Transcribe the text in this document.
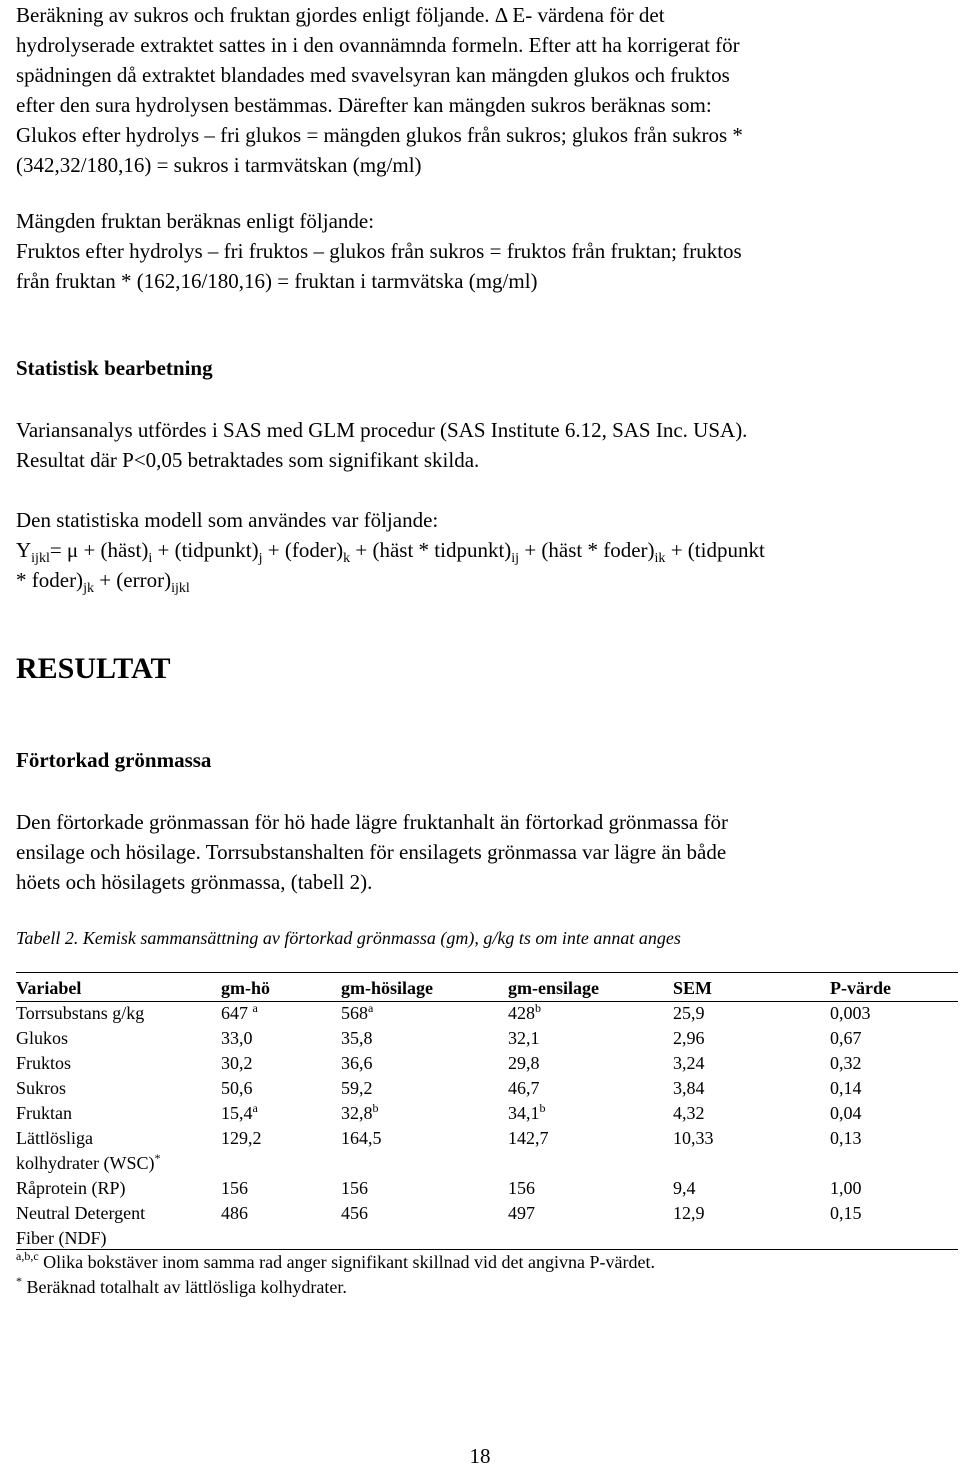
Beräkning av sukros och fruktan gjordes enligt följande. Δ E- värdena för det

hydrolyserade extraktet sattes in i den ovannämnda formeln. Efter att ha korrigerat för

spädningen då extraktet blandades med svavelsyran kan mängden glukos och fruktos

efter den sura hydrolysen bestämmas. Därefter kan mängden sukros beräknas som:

Glukos efter hydrolys – fri glukos = mängden glukos från sukros; glukos från sukros *

(342,32/180,16) = sukros i tarmvätskan (mg/ml)

Mängden fruktan beräknas enligt följande:

Fruktos efter hydrolys – fri fruktos – glukos från sukros = fruktos från fruktan; fruktos

från fruktan * (162,16/180,16) = fruktan i tarmvätska (mg/ml)

Statistisk bearbetning

Variansanalys utfördes i SAS med GLM procedur (SAS Institute 6.12, SAS Inc. USA).

Resultat där P<0,05 betraktades som signifikant skilda.

Den statistiska modell som användes var följande:

$Y_{ijkl}= \mu$ + $(häst)_i$ + $(tidpunkt)_j$ + $(foder)_k$ + (häst * $tidpunkt)_{ij}$ + (häst * $foder)_{ik}$ + (tidpunkt

* $foder)_{jk}$ + $(error)_{ijkl}$

RESULTAT
Förtorkad grönmassa

Den förtorkade grönmassan för hö hade lägre fruktanhalt än förtorkad grönmassa för

ensilage och hösilage. Torrsubstanshalten för ensilagets grönmassa var lägre än både

höets och hösilagets grönmassa, (tabell 2).

Tabell 2. Kemisk sammansättning av förtorkad grönmassa (gm), g/kg ts om inte annat anges

Variabel	gm-hö	gm-hösilage	gm-ensilage	SEM	P-värde
Torrsubstans g/kg	647 $^a$	568$^a$	428$^b$	25,9	0,003
Glukos	33,0	35,8	32,1	2,96	0,67
Fruktos	30,2	36,6	29,8	3,24	0,32
Sukros	50,6	59,2	46,7	3,84	0,14
Fruktan	15,4$^a$	32,8$^b$	34,1$^b$	4,32	0,04
Lättlösliga	129,2	164,5	142,7	10,33	0,13
kolhydrater (WSC)*
Råprotein (RP)	156	156	156	9,4	1,00
Neutral Detergent	486	456	497	12,9	0,15
Fiber (NDF)					

$^{a,b,c}$ Olika bokstäver inom samma rad anger signifikant skillnad vid det angivna P-värdet.

* Beräknad totalhalt av lättlösliga kolhydrater.

18
